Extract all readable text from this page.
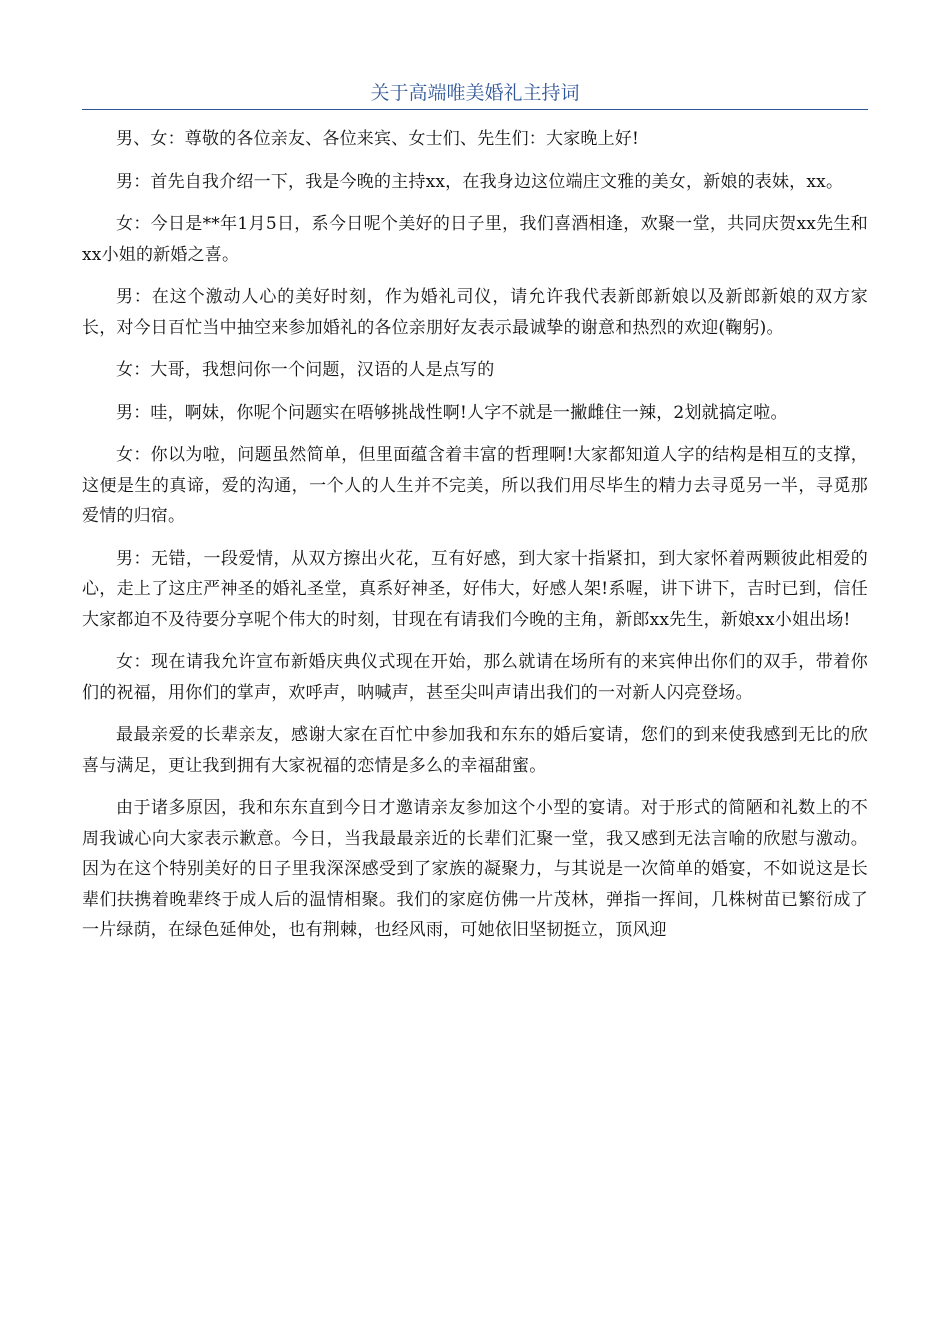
关于高端唯美婚礼主持词

男、女：尊敬的各位亲友、各位来宾、女士们、先生们：大家晚上好!

男：首先自我介绍一下，我是今晚的主持xx，在我身边这位端庄文雅的美女，新娘的表妹，xx。

女：今日是**年1月5日，系今日呢个美好的日子里，我们喜酒相逢，欢聚一堂，共同庆贺xx先生和xx小姐的新婚之喜。

男：在这个激动人心的美好时刻，作为婚礼司仪，请允许我代表新郎新娘以及新郎新娘的双方家长，对今日百忙当中抽空来参加婚礼的各位亲朋好友表示最诚挚的谢意和热烈的欢迎(鞠躬)。

女：大哥，我想问你一个问题，汉语的人是点写的

男：哇，啊妹，你呢个问题实在唔够挑战性啊!人字不就是一撇雌住一辣，2划就搞定啦。

女：你以为啦，问题虽然简单，但里面蕴含着丰富的哲理啊!大家都知道人字的结构是相互的支撑，这便是生的真谛，爱的沟通，一个人的人生并不完美，所以我们用尽毕生的精力去寻觅另一半，寻觅那爱情的归宿。

男：无错，一段爱情，从双方擦出火花，互有好感，到大家十指紧扣，到大家怀着两颗彼此相爱的心，走上了这庄严神圣的婚礼圣堂，真系好神圣，好伟大，好感人架!系喔，讲下讲下，吉时已到，信任大家都迫不及待要分享呢个伟大的时刻，甘现在有请我们今晚的主角，新郎xx先生，新娘xx小姐出场!

女：现在请我允许宣布新婚庆典仪式现在开始，那么就请在场所有的来宾伸出你们的双手，带着你们的祝福，用你们的掌声，欢呼声，呐喊声，甚至尖叫声请出我们的一对新人闪亮登场。

最最亲爱的长辈亲友，感谢大家在百忙中参加我和东东的婚后宴请，您们的到来使我感到无比的欣喜与满足，更让我到拥有大家祝福的恋情是多么的幸福甜蜜。

由于诸多原因，我和东东直到今日才邀请亲友参加这个小型的宴请。对于形式的简陋和礼数上的不周我诚心向大家表示歉意。今日，当我最最亲近的长辈们汇聚一堂，我又感到无法言喻的欣慰与激动。因为在这个特别美好的日子里我深深感受到了家族的凝聚力，与其说是一次简单的婚宴，不如说这是长辈们扶携着晚辈终于成人后的温情相聚。我们的家庭仿佛一片茂林，弹指一挥间，几株树苗已繁衍成了一片绿荫，在绿色延伸处，也有荆棘，也经风雨，可她依旧坚韧挺立，顶风迎
